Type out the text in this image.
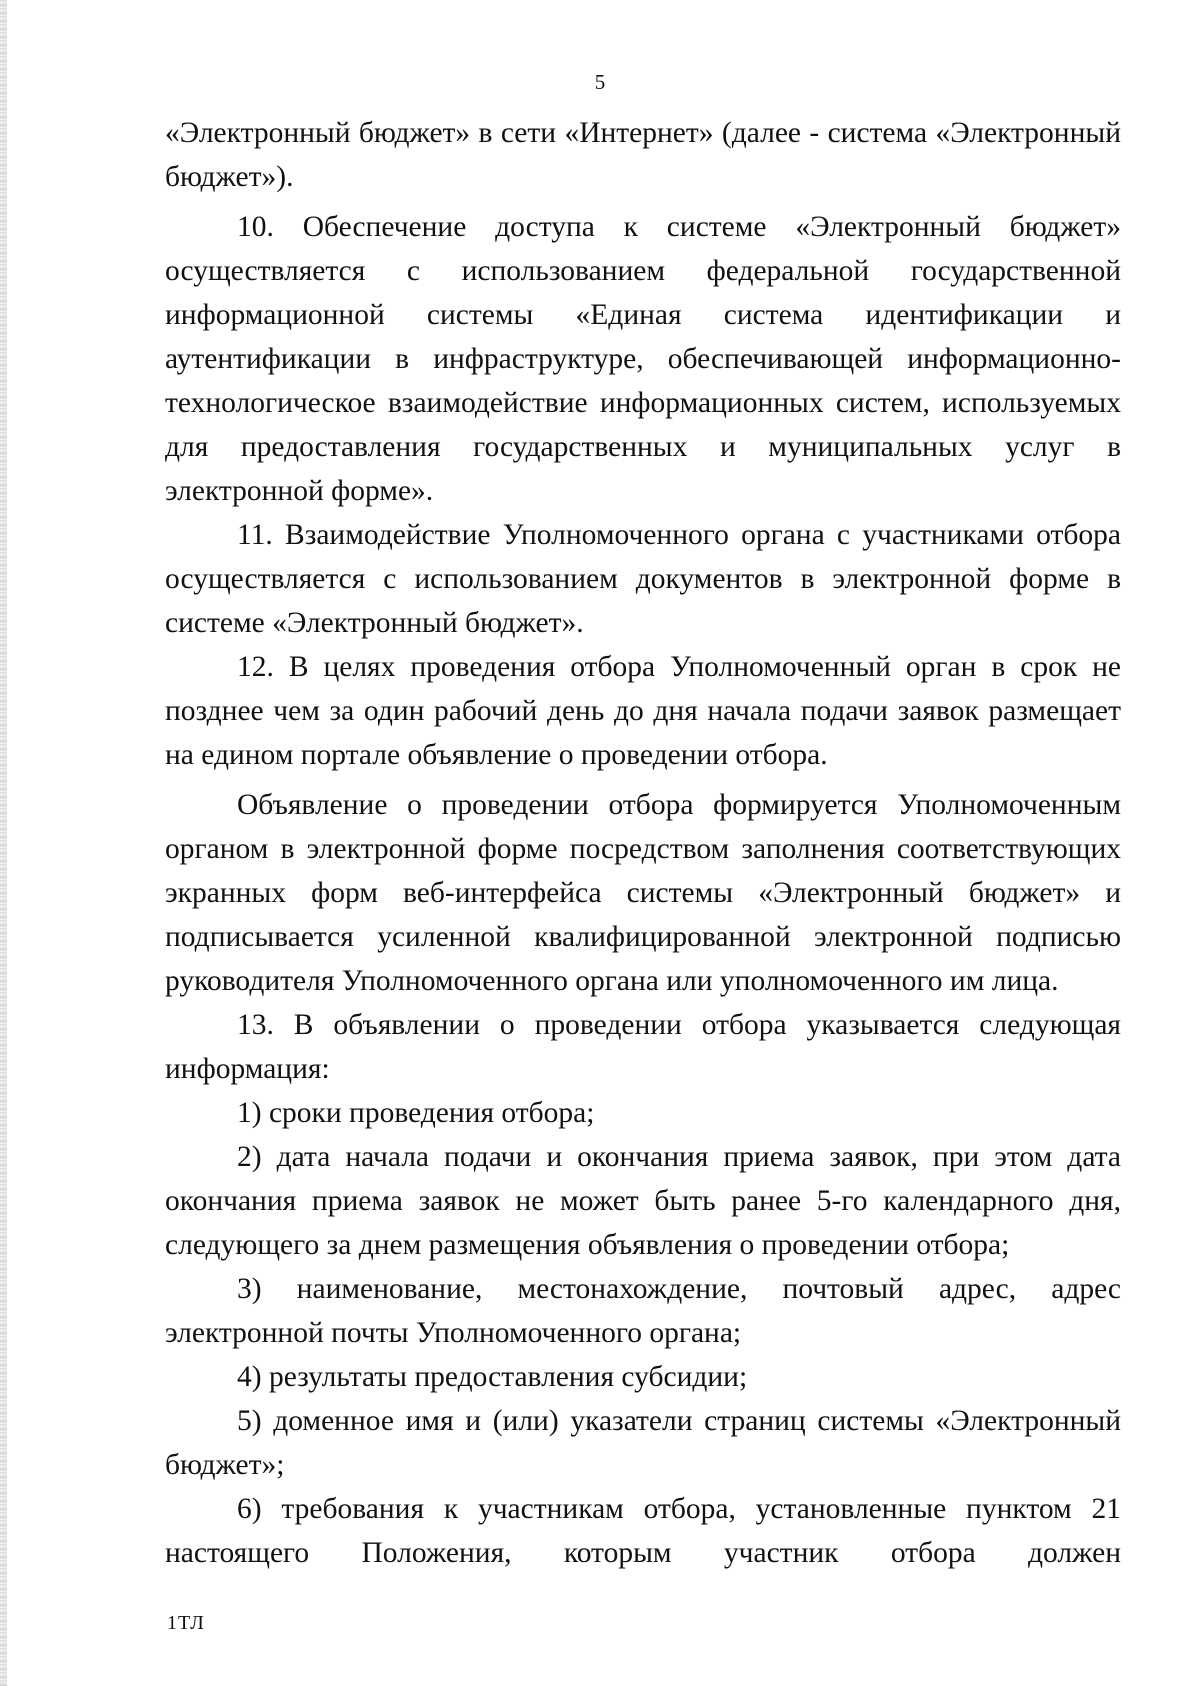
5

«Электронный бюджет» в сети «Интернет» (далее - система «Электронный бюджет»).

10. Обеспечение доступа к системе «Электронный бюджет» осуществляется с использованием федеральной государственной информационной системы «Единая система идентификации и аутентификации в инфраструктуре, обеспечивающей информационно-технологическое взаимодействие информационных систем, используемых для предоставления государственных и муниципальных услуг в электронной форме».

11. Взаимодействие Уполномоченного органа с участниками отбора осуществляется с использованием документов в электронной форме в системе «Электронный бюджет».

12. В целях проведения отбора Уполномоченный орган в срок не позднее чем за один рабочий день до дня начала подачи заявок размещает на едином портале объявление о проведении отбора.

Объявление о проведении отбора формируется Уполномоченным органом в электронной форме посредством заполнения соответствующих экранных форм веб-интерфейса системы «Электронный бюджет» и подписывается усиленной квалифицированной электронной подписью руководителя Уполномоченного органа или уполномоченного им лица.

13. В объявлении о проведении отбора указывается следующая информация:

1) сроки проведения отбора;

2) дата начала подачи и окончания приема заявок, при этом дата окончания приема заявок не может быть ранее 5-го календарного дня, следующего за днем размещения объявления о проведении отбора;

3) наименование, местонахождение, почтовый адрес, адрес электронной почты Уполномоченного органа;

4) результаты предоставления субсидии;

5) доменное имя и (или) указатели страниц системы «Электронный бюджет»;

6) требования к участникам отбора, установленные пунктом 21 настоящего Положения, которым участник отбора должен

1ТЛ
